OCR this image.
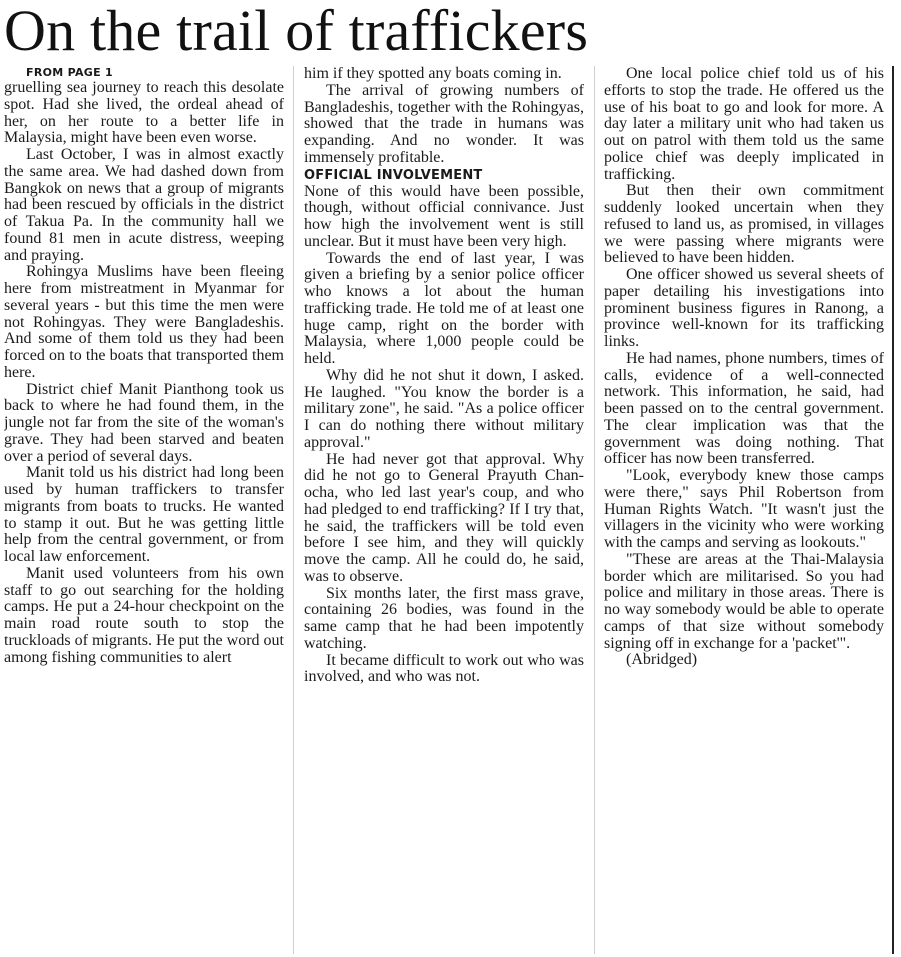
On the trail of traffickers

FROM PAGE 1

gruelling sea journey to reach this desolate spot. Had she lived, the ordeal ahead of her, on her route to a better life in Malaysia, might have been even worse.

Last October, I was in almost exactly the same area. We had dashed down from Bangkok on news that a group of migrants had been rescued by officials in the district of Takua Pa. In the community hall we found 81 men in acute distress, weeping and praying.

Rohingya Muslims have been fleeing here from mistreatment in Myanmar for several years - but this time the men were not Rohingyas. They were Bangladeshis. And some of them told us they had been forced on to the boats that transported them here.

District chief Manit Pianthong took us back to where he had found them, in the jungle not far from the site of the woman's grave. They had been starved and beaten over a period of several days.

Manit told us his district had long been used by human traffickers to transfer migrants from boats to trucks. He wanted to stamp it out. But he was getting little help from the central government, or from local law enforcement.

Manit used volunteers from his own staff to go out searching for the holding camps. He put a 24-hour checkpoint on the main road route south to stop the truckloads of migrants. He put the word out among fishing communities to alert

him if they spotted any boats coming in.

The arrival of growing numbers of Bangladeshis, together with the Rohingyas, showed that the trade in humans was expanding. And no wonder. It was immensely profitable.

OFFICIAL INVOLVEMENT

None of this would have been possible, though, without official connivance. Just how high the involvement went is still unclear. But it must have been very high.

Towards the end of last year, I was given a briefing by a senior police officer who knows a lot about the human trafficking trade. He told me of at least one huge camp, right on the border with Malaysia, where 1,000 people could be held.

Why did he not shut it down, I asked. He laughed. "You know the border is a military zone", he said. "As a police officer I can do nothing there without military approval."

He had never got that approval. Why did he not go to General Prayuth Chan-ocha, who led last year's coup, and who had pledged to end trafficking? If I try that, he said, the traffickers will be told even before I see him, and they will quickly move the camp. All he could do, he said, was to observe.

Six months later, the first mass grave, containing 26 bodies, was found in the same camp that he had been impotently watching.

It became difficult to work out who was involved, and who was not.

One local police chief told us of his efforts to stop the trade. He offered us the use of his boat to go and look for more. A day later a military unit who had taken us out on patrol with them told us the same police chief was deeply implicated in trafficking.

But then their own commitment suddenly looked uncertain when they refused to land us, as promised, in villages we were passing where migrants were believed to have been hidden.

One officer showed us several sheets of paper detailing his investigations into prominent business figures in Ranong, a province well-known for its trafficking links.

He had names, phone numbers, times of calls, evidence of a well-connected network. This information, he said, had been passed on to the central government. The clear implication was that the government was doing nothing. That officer has now been transferred.

"Look, everybody knew those camps were there," says Phil Robertson from Human Rights Watch. "It wasn't just the villagers in the vicinity who were working with the camps and serving as lookouts."

"These are areas at the Thai-Malaysia border which are militarised. So you had police and military in those areas. There is no way somebody would be able to operate camps of that size without somebody signing off in exchange for a 'packet'".

(Abridged)
